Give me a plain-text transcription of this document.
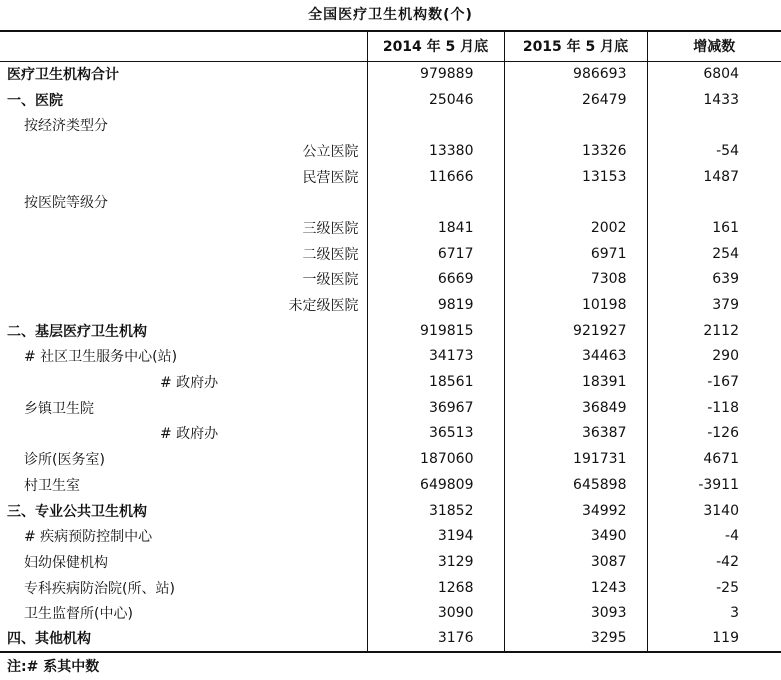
全国医疗卫生机构数(个)
	2014 年 5 月底	2015 年 5 月底	增减数
医疗卫生机构合计	979889	986693	6804
一、医院	25046	26479	1433
按经济类型分			
公立医院	13380	13326	-54
民营医院	11666	13153	1487
按医院等级分			
三级医院	1841	2002	161
二级医院	6717	6971	254
一级医院	6669	7308	639
未定级医院	9819	10198	379
二、基层医疗卫生机构	919815	921927	2112
# 社区卫生服务中心(站)	34173	34463	290
# 政府办	18561	18391	-167
乡镇卫生院	36967	36849	-118
# 政府办	36513	36387	-126
诊所(医务室)	187060	191731	4671
村卫生室	649809	645898	-3911
三、专业公共卫生机构	31852	34992	3140
# 疾病预防控制中心	3194	3490	-4
妇幼保健机构	3129	3087	-42
专科疾病防治院(所、站)	1268	1243	-25
卫生监督所(中心)	3090	3093	3
四、其他机构	3176	3295	119
注:# 系其中数
